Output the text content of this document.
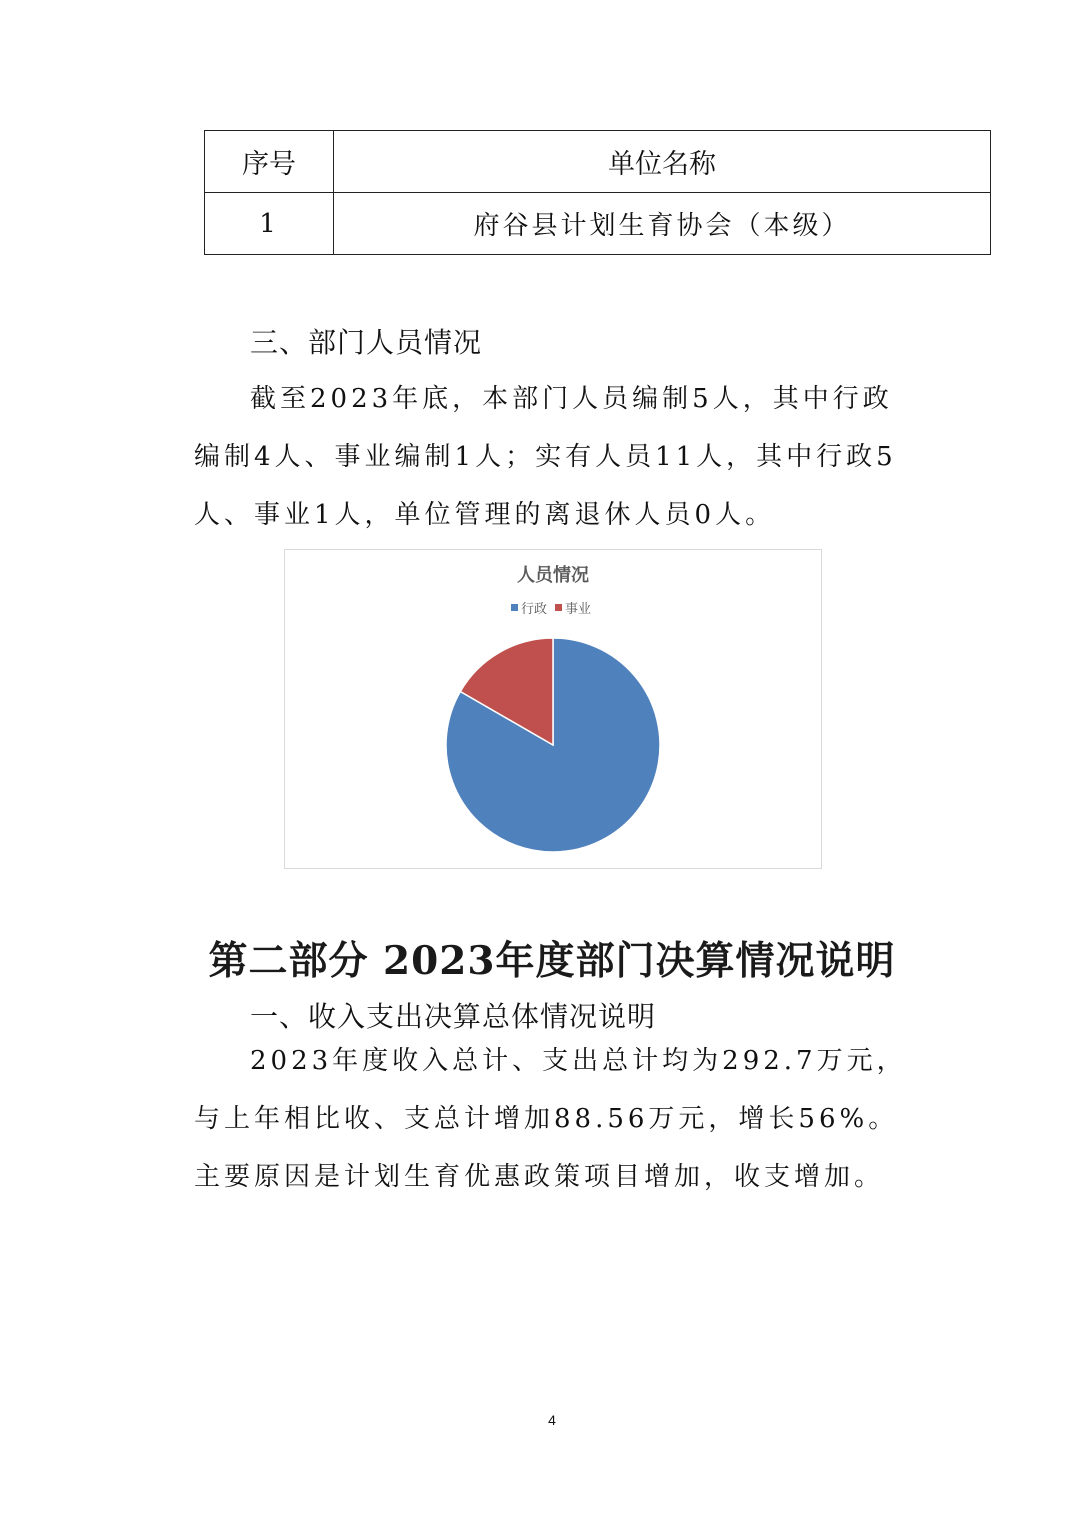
序号	单位名称
1	府谷县计划生育协会（本级）
三、部门人员情况

截至2023年底，本部门人员编制5人，其中行政编制4人、事业编制1人；实有人员11人，其中行政5人、事业1人，单位管理的离退休人员0人。

人员情况
行政 事业
第二部分 2023年度部门决算情况说明
一、收入支出决算总体情况说明

2023年度收入总计、支出总计均为292.7万元，与上年相比收、支总计增加88.56万元，增长56%。主要原因是计划生育优惠政策项目增加，收支增加。

4
